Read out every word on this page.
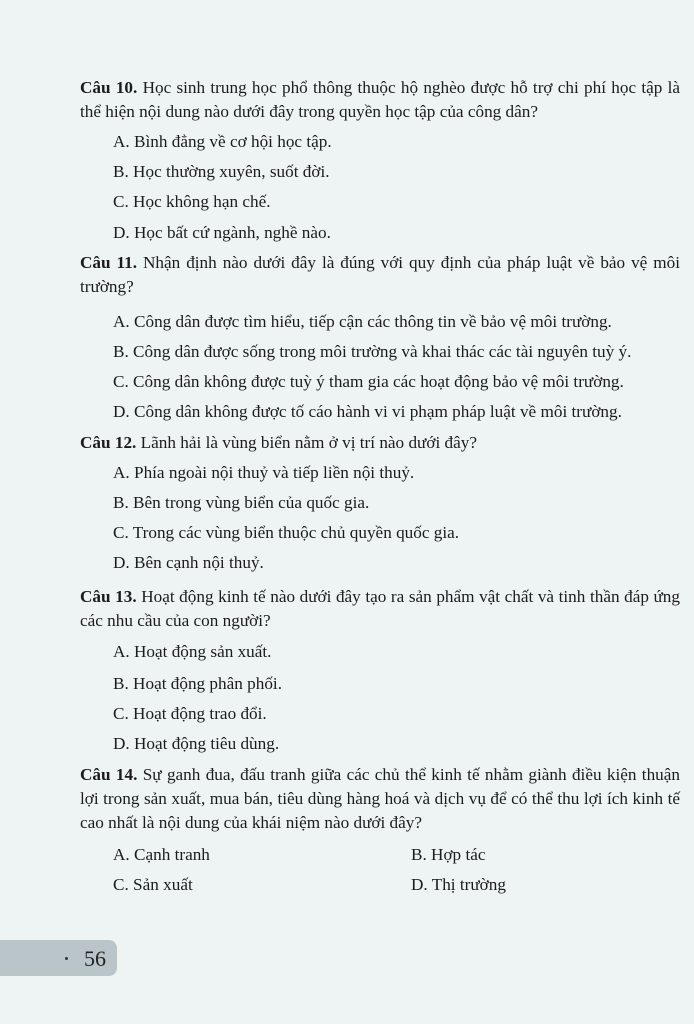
Câu 10. Học sinh trung học phổ thông thuộc hộ nghèo được hỗ trợ chi phí học tập là thể hiện nội dung nào dưới đây trong quyền học tập của công dân?
A. Bình đẳng về cơ hội học tập.
B. Học thường xuyên, suốt đời.
C. Học không hạn chế.
D. Học bất cứ ngành, nghề nào.
Câu 11. Nhận định nào dưới đây là đúng với quy định của pháp luật về bảo vệ môi trường?
A. Công dân được tìm hiểu, tiếp cận các thông tin về bảo vệ môi trường.
B. Công dân được sống trong môi trường và khai thác các tài nguyên tuỳ ý.
C. Công dân không được tuỳ ý tham gia các hoạt động bảo vệ môi trường.
D. Công dân không được tố cáo hành vi vi phạm pháp luật về môi trường.
Câu 12. Lãnh hải là vùng biển nằm ở vị trí nào dưới đây?
A. Phía ngoài nội thuỷ và tiếp liền nội thuỷ.
B. Bên trong vùng biển của quốc gia.
C. Trong các vùng biển thuộc chủ quyền quốc gia.
D. Bên cạnh nội thuỷ.
Câu 13. Hoạt động kinh tế nào dưới đây tạo ra sản phẩm vật chất và tinh thần đáp ứng các nhu cầu của con người?
A. Hoạt động sản xuất.
B. Hoạt động phân phối.
C. Hoạt động trao đổi.
D. Hoạt động tiêu dùng.
Câu 14. Sự ganh đua, đấu tranh giữa các chủ thể kinh tế nhằm giành điều kiện thuận lợi trong sản xuất, mua bán, tiêu dùng hàng hoá và dịch vụ để có thể thu lợi ích kinh tế cao nhất là nội dung của khái niệm nào dưới đây?
A. Cạnh tranh	B. Hợp tác
C. Sản xuất	D. Thị trường
56
